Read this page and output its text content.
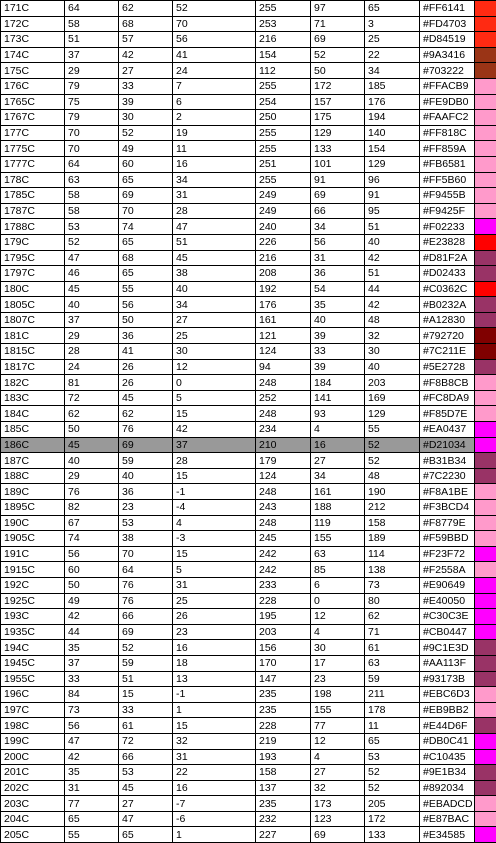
171C	64	62	52	255	97	65	#FF6141	
172C	58	68	70	253	71	3	#FD4703	
173C	51	57	56	216	69	25	#D84519	
174C	37	42	41	154	52	22	#9A3416	
175C	29	27	24	112	50	34	#703222	
176C	79	33	7	255	172	185	#FFACB9	
1765C	75	39	6	254	157	176	#FE9DB0	
1767C	79	30	2	250	175	194	#FAAFC2	
177C	70	52	19	255	129	140	#FF818C	
1775C	70	49	11	255	133	154	#FF859A	
1777C	64	60	16	251	101	129	#FB6581	
178C	63	65	34	255	91	96	#FF5B60	
1785C	58	69	31	249	69	91	#F9455B	
1787C	58	70	28	249	66	95	#F9425F	
1788C	53	74	47	240	34	51	#F02233	
179C	52	65	51	226	56	40	#E23828	
1795C	47	68	45	216	31	42	#D81F2A	
1797C	46	65	38	208	36	51	#D02433	
180C	45	55	40	192	54	44	#C0362C	
1805C	40	56	34	176	35	42	#B0232A	
1807C	37	50	27	161	40	48	#A12830	
181C	29	36	25	121	39	32	#792720	
1815C	28	41	30	124	33	30	#7C211E	
1817C	24	26	12	94	39	40	#5E2728	
182C	81	26	0	248	184	203	#F8B8CB	
183C	72	45	5	252	141	169	#FC8DA9	
184C	62	62	15	248	93	129	#F85D7E	
185C	50	76	42	234	4	55	#EA0437	
186C	45	69	37	210	16	52	#D21034	
187C	40	59	28	179	27	52	#B31B34	
188C	29	40	15	124	34	48	#7C2230	
189C	76	36	-1	248	161	190	#F8A1BE	
1895C	82	23	-4	243	188	212	#F3BCD4	
190C	67	53	4	248	119	158	#F8779E	
1905C	74	38	-3	245	155	189	#F59BBD	
191C	56	70	15	242	63	114	#F23F72	
1915C	60	64	5	242	85	138	#F2558A	
192C	50	76	31	233	6	73	#E90649	
1925C	49	76	25	228	0	80	#E40050	
193C	42	66	26	195	12	62	#C30C3E	
1935C	44	69	23	203	4	71	#CB0447	
194C	35	52	16	156	30	61	#9C1E3D	
1945C	37	59	18	170	17	63	#AA113F	
1955C	33	51	13	147	23	59	#93173B	
196C	84	15	-1	235	198	211	#EBC6D3	
197C	73	33	1	235	155	178	#EB9BB2	
198C	56	61	15	228	77	11	#E44D6F	
199C	47	72	32	219	12	65	#DB0C41	
200C	42	66	31	193	4	53	#C10435	
201C	35	53	22	158	27	52	#9E1B34	
202C	31	45	16	137	32	52	#892034	
203C	77	27	-7	235	173	205	#EBADCD	
204C	65	47	-6	232	123	172	#E87BAC	
205C	55	65	1	227	69	133	#E34585	
